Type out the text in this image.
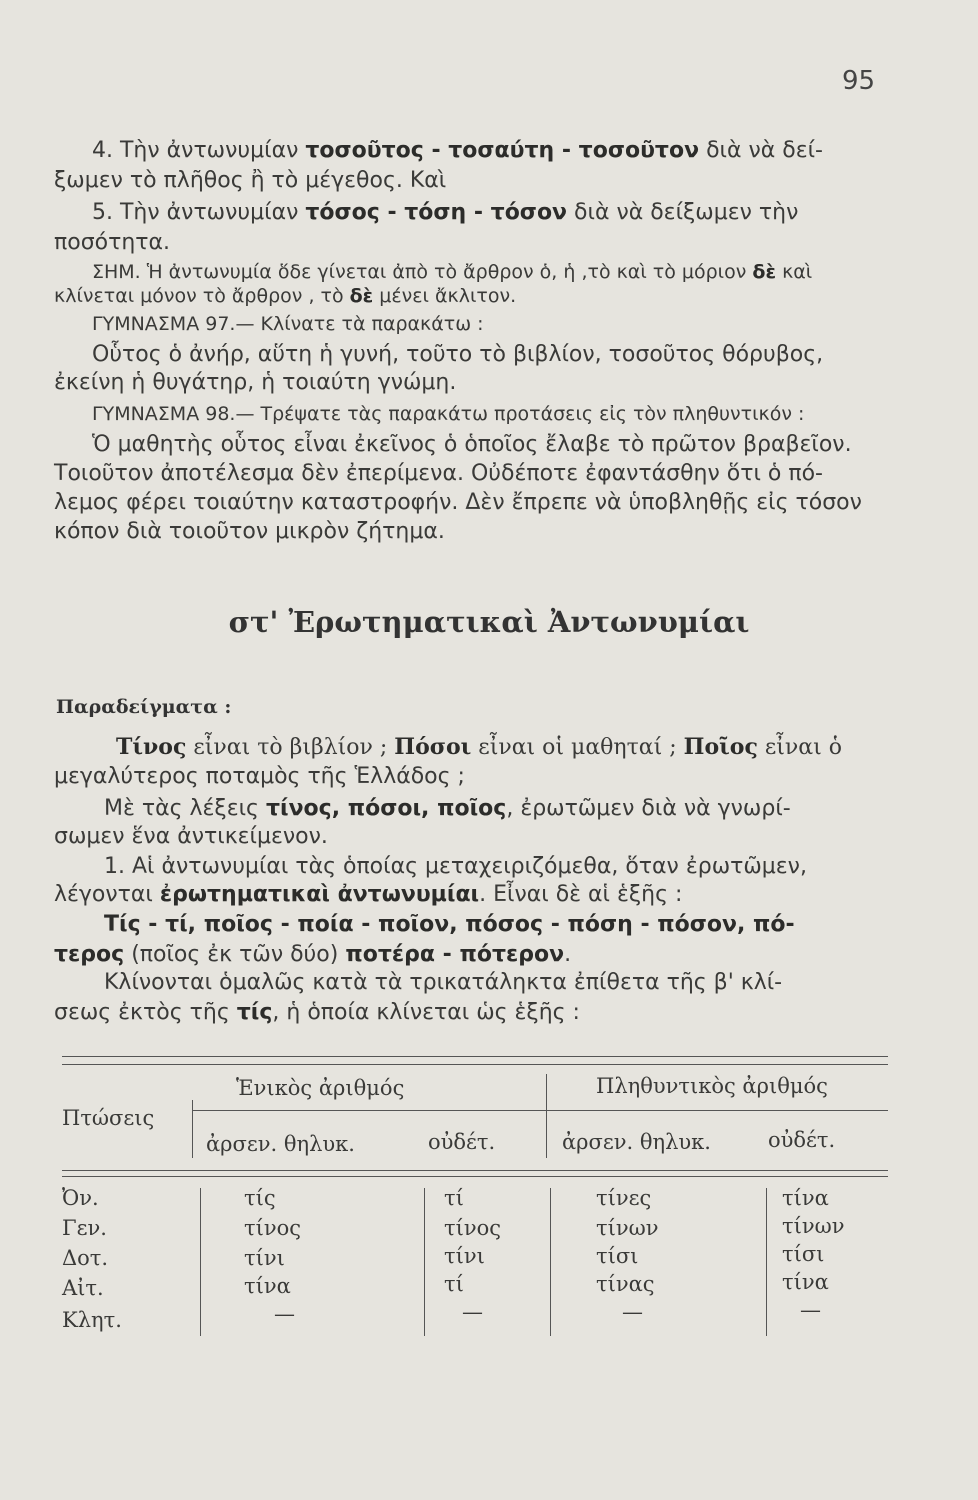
95
4. Τὴν ἀντωνυμίαν τοσοῦτος - τοσαύτη - τοσοῦτον διὰ νὰ δεί-
ξωμεν τὸ πλῆθος ἢ τὸ μέγεθος. Καὶ
5. Τὴν ἀντωνυμίαν τόσος - τόση - τόσον διὰ νὰ δείξωμεν τὴν
ποσότητα.
ΣΗΜ. Ἡ ἀντωνυμία ὅδε γίνεται ἀπὸ τὸ ἄρθρον ὁ, ἡ ,τὸ καὶ τὸ μόριον δὲ καὶ
κλίνεται μόνον τὸ ἄρθρον , τὸ δὲ μένει ἄκλιτον.
ΓΥΜΝΑΣΜΑ 97.— Κλίνατε τὰ παρακάτω :
Οὗτος ὁ ἀνήρ, αὕτη ἡ γυνή, τοῦτο τὸ βιβλίον, τοσοῦτος θόρυβος,
ἐκείνη ἡ θυγάτηρ, ἡ τοιαύτη γνώμη.
ΓΥΜΝΑΣΜΑ 98.— Τρέψατε τὰς παρακάτω προτάσεις εἰς τὸν πληθυντικόν :
Ὁ μαθητὴς οὗτος εἶναι ἐκεῖνος ὁ ὁποῖος ἔλαβε τὸ πρῶτον βραβεῖον.
Τοιοῦτον ἀποτέλεσμα δὲν ἐπερίμενα. Οὐδέποτε ἐφαντάσθην ὅτι ὁ πό-
λεμος φέρει τοιαύτην καταστροφήν. Δὲν ἔπρεπε νὰ ὑποβληθῇς εἰς τόσον
κόπον διὰ τοιοῦτον μικρὸν ζήτημα.
στ' Ἐρωτηματικαὶ Ἀντωνυμίαι
Παραδείγματα :
Τίνος εἶναι τὸ βιβλίον ; Πόσοι εἶναι οἱ μαθηταί ; Ποῖος εἶναι ὁ
μεγαλύτερος ποταμὸς τῆς Ἑλλάδος ;
Μὲ τὰς λέξεις τίνος, πόσοι, ποῖος, ἐρωτῶμεν διὰ νὰ γνωρί-
σωμεν ἕνα ἀντικείμενον.
1. Αἱ ἀντωνυμίαι τὰς ὁποίας μεταχειριζόμεθα, ὅταν ἐρωτῶμεν,
λέγονται ἐρωτηματικαὶ ἀντωνυμίαι. Εἶναι δὲ αἱ ἑξῆς :
Τίς - τί, ποῖος - ποία - ποῖον, πόσος - πόση - πόσον, πό-
τερος (ποῖος ἐκ τῶν δύο) ποτέρα - πότερον.
Κλίνονται ὁμαλῶς κατὰ τὰ τρικατάληκτα ἐπίθετα τῆς β' κλί-
σεως ἐκτὸς τῆς τίς, ἡ ὁποία κλίνεται ὡς ἑξῆς :
Πτώσεις
Ἑνικὸς ἀριθμός	Πληθυντικὸς ἀριθμός
ἀρσεν. θηλυκ.	οὐδέτ.	ἀρσεν. θηλυκ.	οὐδέτ.
Ὀν.	τίς	τί	τίνες	τίνα
Γεν.	τίνος	τίνος	τίνων	τίνων
Δοτ.	τίνι	τίνι	τίσι	τίσι
Αἰτ.	τίνα	τί	τίνας	τίνα
Κλητ.	—	—	—	—
